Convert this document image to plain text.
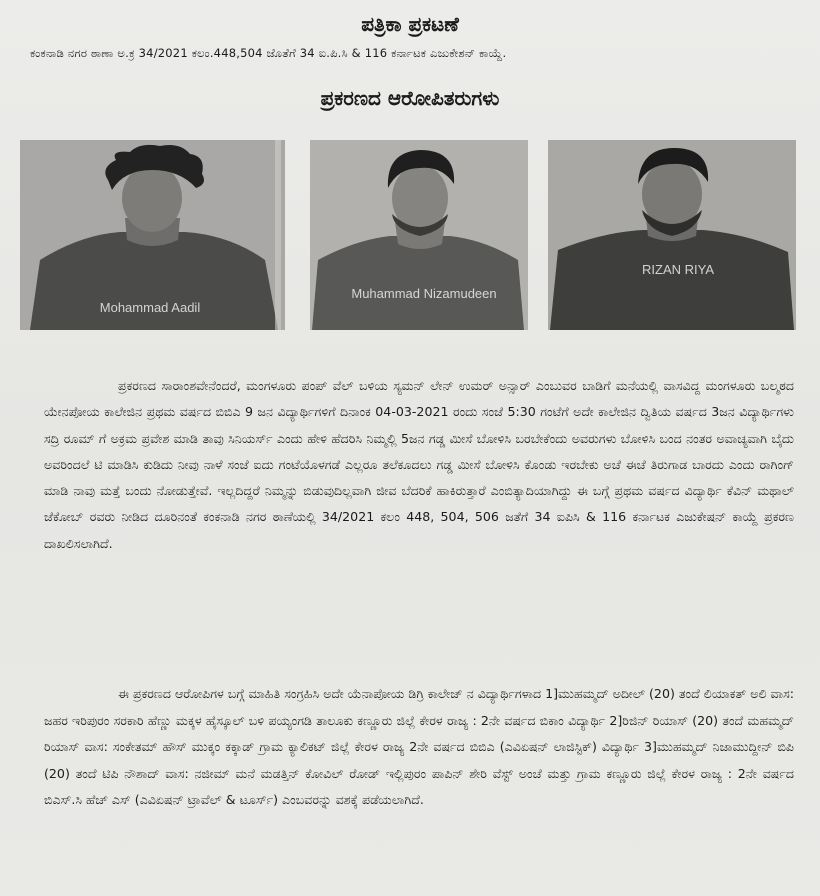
ಪತ್ರಿಕಾ ಪ್ರಕಟಣೆ
ಕಂಕನಾಡಿ ನಗರ ಠಾಣಾ ಅ.ಕ್ರ 34/2021 ಕಲಂ.448,504 ಜೊತೆಗೆ 34 ಐ.ಪಿ.ಸಿ & 116 ಕರ್ನಾಟಕ ಎಜುಕೇಶನ್ ಕಾಯ್ದೆ.
ಪ್ರಕರಣದ ಆರೋಪಿತರುಗಳು
Mohammad Aadil
Muhammad Nizamudeen
RIZAN RIYA
ಪ್ರಕರಣದ ಸಾರಾಂಶವೇನೆಂದರೆ, ಮಂಗಳೂರು ಪಂಪ್ ವೆಲ್ ಬಳಿಯ ಸ್ಯಮನ್ ಲೇನ್ ಉಮರ್ ಅನ್ಸಾರ್ ಎಂಬುವರ ಬಾಡಿಗೆ ಮನೆಯಲ್ಲಿ ವಾಸವಿದ್ದ ಮಂಗಳೂರು ಬಲ್ಮಠದ ಯೇನಪೋಯ ಕಾಲೇಜಿನ ಪ್ರಥಮ ವರ್ಷದ ಬಿಬಿಎ 9 ಜನ ವಿದ್ಯಾರ್ಥಿಗಳಿಗೆ ದಿನಾಂಕ 04-03-2021 ರಂದು ಸಂಜೆ 5:30 ಗಂಟೆಗೆ ಅದೇ ಕಾಲೇಜಿನ ದ್ವಿತಿಯ ವರ್ಷದ 3ಜನ ವಿದ್ಯಾರ್ಥಿಗಳು ಸದ್ರಿ ರೂಮ್ ಗೆ ಅಕ್ರಮ ಪ್ರವೇಶ ಮಾಡಿ ತಾವು ಸಿನಿಯರ್ಸ್ ಎಂದು ಹೇಳಿ ಹೆದರಿಸಿ ನಿಮ್ಮಲ್ಲಿ 5ಜನ ಗಡ್ಡ ಮೀಸೆ ಬೋಳಿಸಿ ಬರಬೇಕೆಂದು ಅವರುಗಳು ಬೋಳಿಸಿ ಬಂದ ನಂತರ ಅವಾಚ್ಯವಾಗಿ ಬೈದು ಅವರಿಂದಲೆ ಟಿ ಮಾಡಿಸಿ ಕುಡಿದು ನೀವು ನಾಳೆ ಸಂಜೆ ಐದು ಗಂಟೆಯೊಳಗಡೆ ಎಲ್ಲರೂ ತಲೆಕೂದಲು ಗಡ್ಡ ಮೀಸೆ ಬೋಳಿಸಿ ಕೊಂಡು ಇರಬೇಕು ಅಚೆ ಈಚೆ ತಿರುಗಾಡ ಬಾರದು ಎಂದು ರಾಗಿಂಗ್ ಮಾಡಿ ನಾವು ಮತ್ತೆ ಬಂದು ನೋಡುತ್ತೇವೆ. ಇಲ್ಲದಿದ್ದರೆ ನಿಮ್ಮನ್ನು ಬಿಡುವುದಿಲ್ಲವಾಗಿ ಜೀವ ಬೆದರಿಕೆ ಹಾಕಿರುತ್ತಾರೆ ಎಂಬಿತ್ಯಾದಿಯಾಗಿದ್ದು ಈ ಬಗ್ಗೆ ಪ್ರಥಮ ವರ್ಷದ ವಿದ್ಯಾರ್ಥಿ ಕೆವಿನ್ ಮಥಾಲ್ ಜೆಕೋಬ್ ರವರು ನೀಡಿದ ದೂರಿನಂತೆ ಕಂಕನಾಡಿ ನಗರ ಠಾಣೆಯಲ್ಲಿ 34/2021 ಕಲಂ 448, 504, 506 ಜತೆಗೆ 34 ಐಪಿಸಿ & 116 ಕರ್ನಾಟಕ ಎಜುಕೇಷನ್ ಕಾಯ್ದೆ ಪ್ರಕರಣ ದಾಖಲಿಸಲಾಗಿದೆ.
ಈ ಪ್ರಕರಣದ ಆರೋಪಿಗಳ ಬಗ್ಗೆ ಮಾಹಿತಿ ಸಂಗ್ರಹಿಸಿ ಅದೇ ಯೆನಾಪೋಯ ಡಿಗ್ರಿ ಕಾಲೇಜ್ ನ ವಿದ್ಯಾರ್ಥಿಗಳಾದ 1]ಮುಹಮ್ಮದ್ ಅದೀಲ್ (20) ತಂದೆ ಲಿಯಾಕತ್ ಅಲಿ ವಾಸ: ಜಹರ ಇರಿಪುರಂ ಸರಕಾರಿ ಹೆಣ್ಣು ಮಕ್ಕಳ ಹೈಸ್ಕೂಲ್ ಬಳಿ ಪಯ್ಯಂಗಡಿ ತಾಲೂಕು ಕಣ್ಣೂರು ಜಿಲ್ಲೆ ಕೇರಳ ರಾಜ್ಯ : 2ನೇ ವರ್ಷದ ಬಿಕಾಂ ವಿದ್ಯಾರ್ಥಿ 2]ರಿಜಿನ್ ರಿಯಾಸ್ (20) ತಂದೆ ಮಹಮ್ಮದ್ ರಿಯಾಸ್ ವಾಸ: ಸಂಕೇತಮ್ ಹೌಸ್ ಮುಕ್ಕಂ ಕಕ್ಕಾಡ್ ಗ್ರಾಮ ಕ್ಯಾಲಿಕಟ್ ಜಿಲ್ಲೆ ಕೇರಳ ರಾಜ್ಯ 2ನೇ ವರ್ಷದ ಬಿಬಿಎ (ಎವಿಏಷನ್ ಲಾಜಿಸ್ಟಿಕ್) ವಿದ್ಯಾರ್ಥಿ 3]ಮುಹಮ್ಮದ್ ನಿಜಾಮುದ್ದೀನ್ ಬಿಪಿ (20) ತಂದೆ ಟಿಪಿ ನೌಶಾದ್ ವಾಸ: ನಜೀಮ್ ಮನೆ ಮಡತ್ತಿನ್ ಕೋವಿಲ್ ರೋಡ್ ಇಲ್ಲಿಪುರಂ ಪಾಪಿನ್ ಶೇರಿ ವೆಸ್ಟ್ ಅಂಚೆ ಮತ್ತು ಗ್ರಾಮ ಕಣ್ಣೂರು ಜಿಲ್ಲೆ ಕೇರಳ ರಾಜ್ಯ : 2ನೇ ವರ್ಷದ ಬಿಎಸ್.ಸಿ ಹೆಚ್ ಎಸ್ (ಎವಿಏಷನ್ ಟ್ರಾವೆಲ್ & ಟೂರ್ಸ್) ಎಂಬವರನ್ನು ವಶಕ್ಕೆ ಪಡೆಯಲಾಗಿದೆ.
